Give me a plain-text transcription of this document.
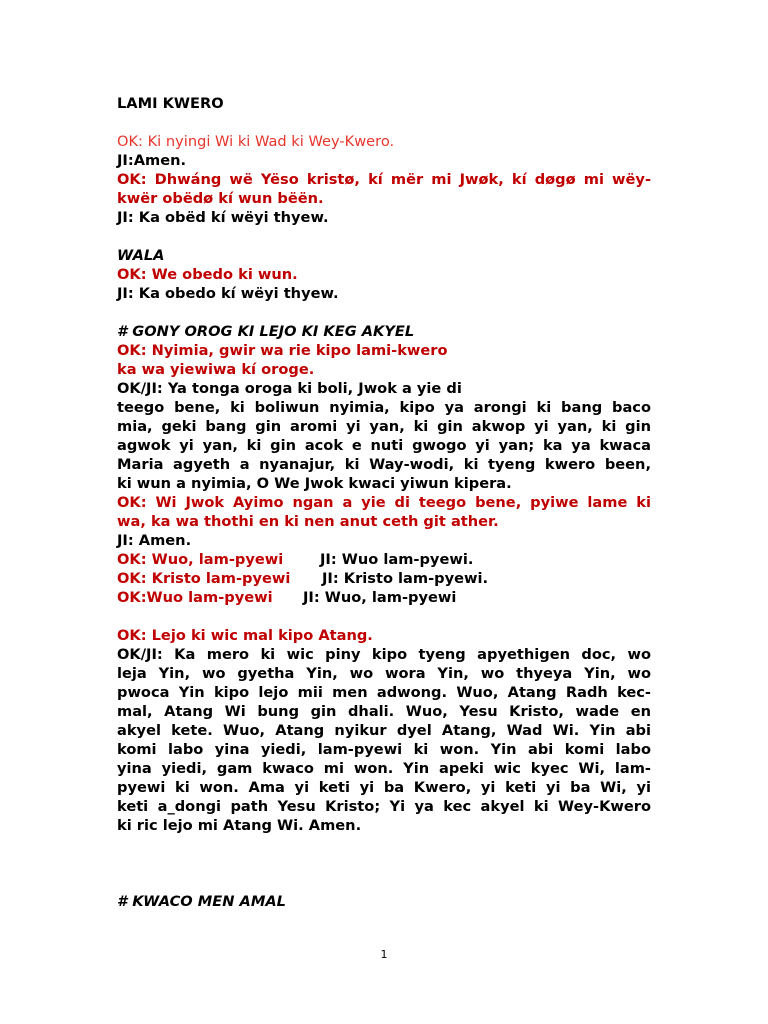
LAMI KWERO
OK: Ki nyingi Wi ki Wad ki Wey-Kwero.
JI:Amen.
OK: Dhwáng wë Yëso kristø, kí mër mi Jwøk, kí døgø mi wëy-
kwër obëdø kí wun bëën.
JI: Ka obëd kí wëyi thyew.
WALA
OK: We obedo ki wun.
JI: Ka obedo kí wëyi thyew.
# GONY OROG KI LEJO KI KEG AKYEL
OK: Nyimia, gwir wa rie kipo lami-kwero
ka wa yiewiwa kí oroge.
OK/JI: Ya tonga oroga ki boli, Jwok a yie di
teego bene, ki boliwun nyimia, kipo ya arongi ki bang baco
mia, geki bang gin aromi yi yan, ki gin akwop yi yan, ki gin
agwok yi yan, ki gin acok e nuti gwogo yi yan; ka ya kwaca
Maria agyeth a nyanajur, ki Way-wodi, ki tyeng kwero been,
ki wun a nyimia, O We Jwok kwaci yiwun kipera.
OK: Wi Jwok Ayimo ngan a yie di teego bene, pyiwe lame ki
wa, ka wa thothi en ki nen anut ceth git ather.
JI: Amen.
OK: Wuo, lam-pyewi	JI: Wuo lam-pyewi.
OK: Kristo lam-pyewi JI: Kristo lam-pyewi.
OK:Wuo lam-pyewi JI: Wuo, lam-pyewi
OK: Lejo ki wic mal kipo Atang.
OK/JI: Ka mero ki wic piny kipo tyeng apyethigen doc, wo
leja Yin, wo gyetha Yin, wo wora Yin, wo thyeya Yin, wo
pwoca Yin kipo lejo mii men adwong. Wuo, Atang Radh kec-
mal, Atang Wi bung gin dhali. Wuo, Yesu Kristo, wade en
akyel kete. Wuo, Atang nyikur dyel Atang, Wad Wi. Yin abi
komi labo yina yiedi, lam-pyewi ki won. Yin abi komi labo
yina yiedi, gam kwaco mi won. Yin apeki wic kyec Wi, lam-
pyewi ki won. Ama yi keti yi ba Kwero, yi keti yi ba Wi, yi
keti a_dongi path Yesu Kristo; Yi ya kec akyel ki Wey-Kwero
ki ric lejo mi Atang Wi. Amen.
# KWACO MEN AMAL
1
